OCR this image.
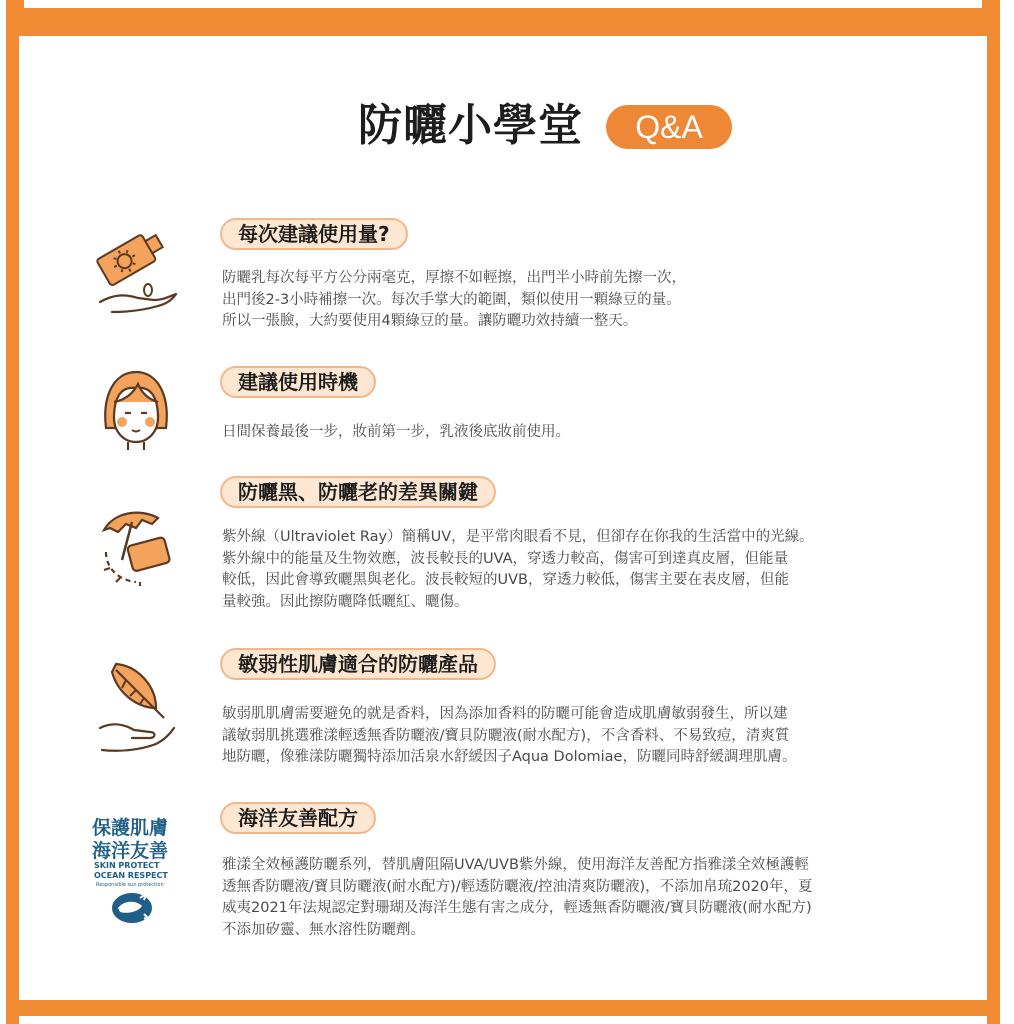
防曬小學堂	Q&A
每次建議使用量?

防曬乳每次每平方公分兩毫克，厚擦不如輕擦，出門半小時前先擦一次，
出門後2-3小時補擦一次。每次手掌大的範圍，類似使用一顆綠豆的量。
所以一張臉，大約要使用4顆綠豆的量。讓防曬功效持續一整天。

建議使用時機

日間保養最後一步，妝前第一步，乳液後底妝前使用。

防曬黑、防曬老的差異關鍵

紫外線（Ultraviolet Ray）簡稱UV，是平常肉眼看不見，但卻存在你我的生活當中的光線。
紫外線中的能量及生物效應，波長較長的UVA，穿透力較高，傷害可到達真皮層，但能量
較低，因此會導致曬黑與老化。波長較短的UVB，穿透力較低，傷害主要在表皮層，但能
量較強。因此擦防曬降低曬紅、曬傷。

敏弱性肌膚適合的防曬產品

敏弱肌肌膚需要避免的就是香料，因為添加香料的防曬可能會造成肌膚敏弱發生，所以建
議敏弱肌挑選雅漾輕透無香防曬液/寶貝防曬液(耐水配方)，不含香料、不易致痘，清爽質
地防曬，像雅漾防曬獨特添加活泉水舒緩因子Aqua Dolomiae，防曬同時舒緩調理肌膚。

保護肌膚
海洋友善
SKIN PROTECT
OCEAN RESPECT
Responsible sun protection
海洋友善配方

雅漾全效極護防曬系列，替肌膚阻隔UVA/UVB紫外線，使用海洋友善配方指雅漾全效極護輕
透無香防曬液/寶貝防曬液(耐水配方)/輕透防曬液/控油清爽防曬液)，不添加帛琉2020年，夏
威夷2021年法規認定對珊瑚及海洋生態有害之成分，輕透無香防曬液/寶貝防曬液(耐水配方)
不添加矽靈、無水溶性防曬劑。
